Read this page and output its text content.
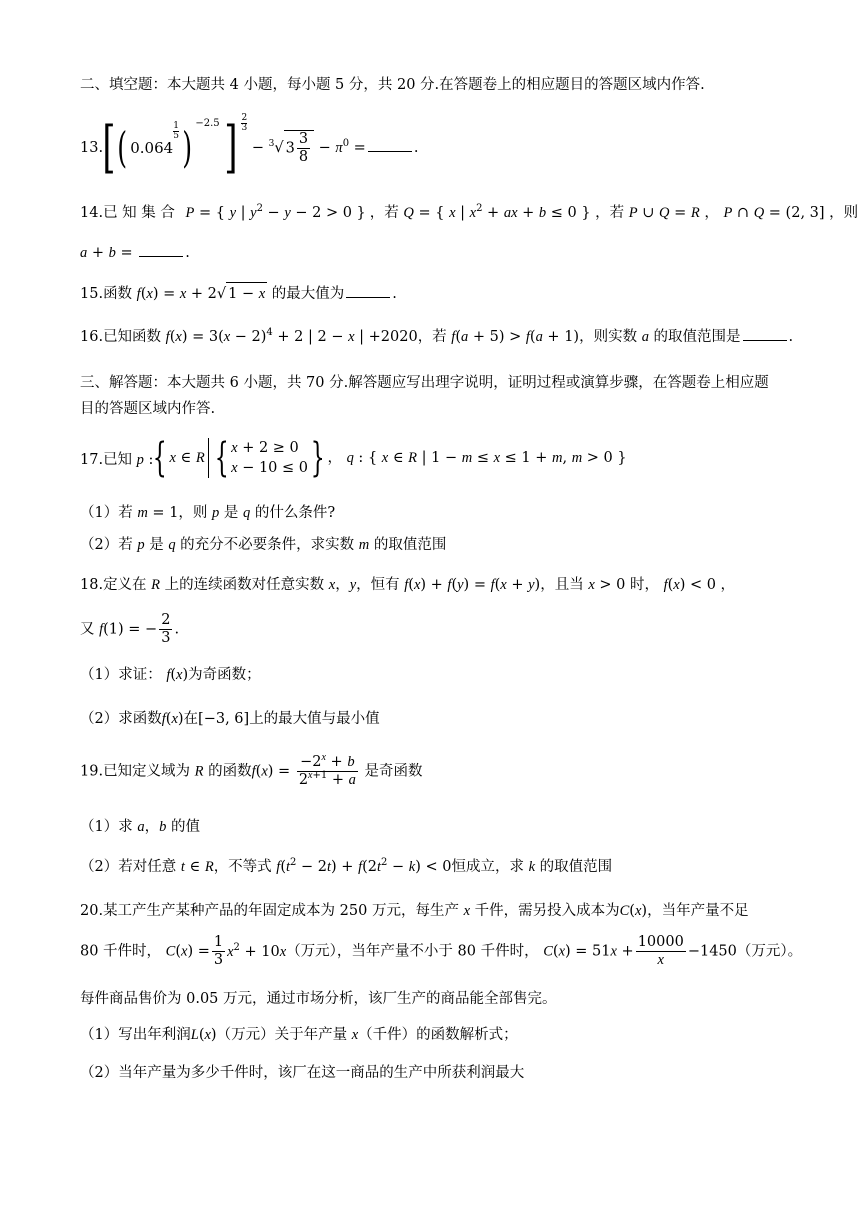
二、填空题：本大题共 4 小题，每小题 5 分，共 20 分.在答题卷上的相应题目的答题区域内作答.
13. [( 0.064
$\frac{1}{5}$ ) $^{-2.5}] \frac{2}{3}$
− $^3$√ $3 \frac{3}{8} - \pi^0$ =	.
14.已 知 集 合 P = { y | $y^2 - y - 2 > 0$ } ，若 Q = { x | $x^2$ + ax + b ≤ 0 } ，若 P ∪ Q = R ， P ∩ Q = (2, 3] ，则
a + b =	.
15.函数 f(x) = x + 2√ 1 − x 的最大值为	.
16.已知函数 $f(x) = 3(x - 2)^4 + 2$ | 2 − x | +2020，若 f(a + 5) > f(a + 1)，则实数 a 的取值范围是	.
三、解答题：本大题共 6 小题，共 70 分.解答题应写出理字说明，证明过程或演算步骤，在答题卷上相应题
目的答题区域内作答.
17.已知 p : { x ∈ R { x + 2 ≥ 0
x − 10 ≤ 0 } ， q : { x ∈ R | 1 − m ≤ x ≤ 1 + m, m > 0 }
（1）若 m = 1，则 p 是 q 的什么条件?
（2）若 p 是 q 的充分不必要条件，求实数 m 的取值范围
18.定义在 R 上的连续函数对任意实数 x，y，恒有 f(x) + f(y) = f(x + y)，且当 x > 0 时， f(x) < 0 ，
又 f(1) = − $\frac{2}{3}$ .
（1）求证： f(x)为奇函数；
（2）求函数f(x)在[−3, 6]上的最大值与最小值
19.已知定义域为 R 的函数$f(x) = \frac{-2^x + b}{2^{x+1} + a}$ 是奇函数
（1）求 a，b 的值
（2）若对任意 t ∈ R，不等式 $f(t^2 - 2t) + f(2t^2 - k) < 0$恒成立，求 k 的取值范围
20.某工产生产某种产品的年固定成本为 250 万元，每生产 x 千件，需另投入成本为C(x)，当年产量不足
80 千件时， $C(x) = \frac{1}{3} x^2 + 10x$（万元），当年产量不小于 80 千件时， $C(x) = 51x + \frac{10000}{x} -1450$（万元）。
每件商品售价为 0.05 万元，通过市场分析，该厂生产的商品能全部售完。
（1）写出年利润L(x)（万元）关于年产量 x（千件）的函数解析式；
（2）当年产量为多少千件时，该厂在这一商品的生产中所获利润最大
